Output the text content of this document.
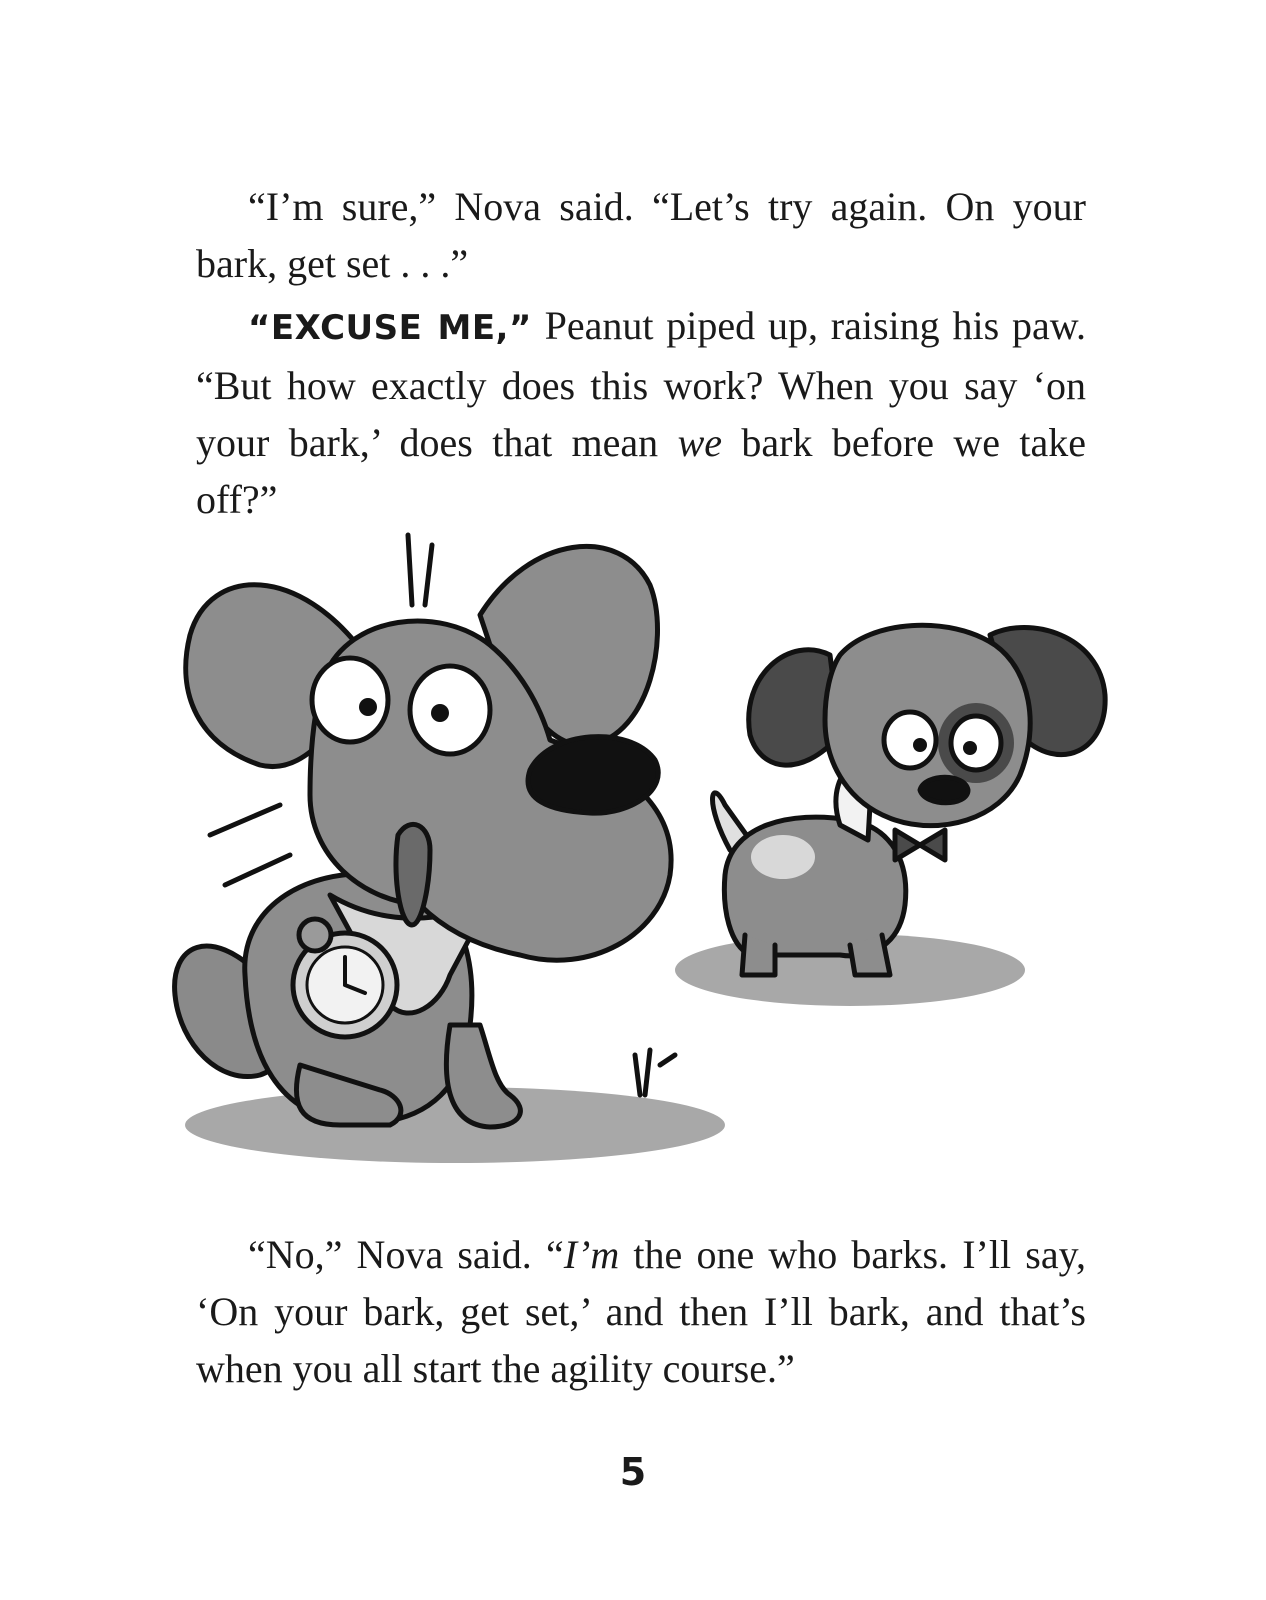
“I’m sure,” Nova said. “Let’s try again. On your bark, get set . . .”

“EXCUSE ME,” Peanut piped up, raising his paw. “But how exactly does this work? When you say ‘on your bark,’ does that mean we bark before we take off?”

“No,” Nova said. “I’m the one who barks. I’ll say, ‘On your bark, get set,’ and then I’ll bark, and that’s when you all start the agility course.”

5
